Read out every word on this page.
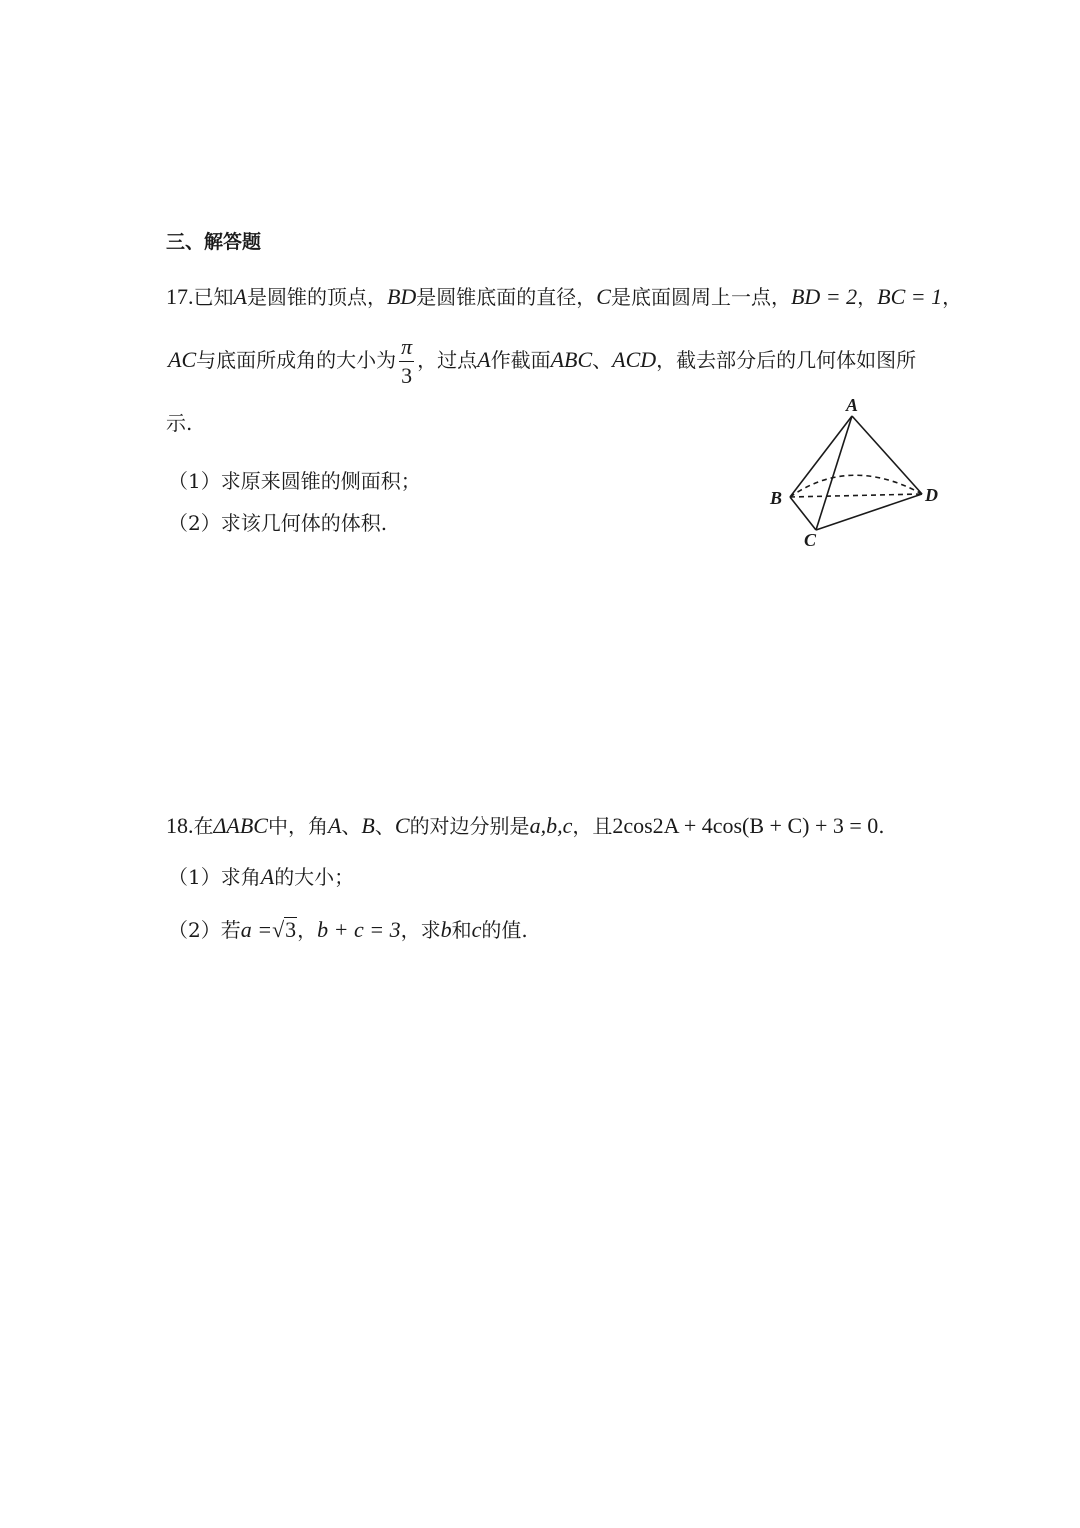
三、解答题
17.已知A是圆锥的顶点，BD是圆锥底面的直径，C是底面圆周上一点，BD = 2，BC = 1，
AC与底面所成角的大小为 $\frac{\pi}{3}$ ，过点A作截面ABC、ACD，截去部分后的几何体如图所
示.
（1）求原来圆锥的侧面积；
（2）求该几何体的体积.
A
B
C
D
18.在ΔABC中，角A、B、C的对边分别是a,b,c，且2cos2A + 4cos(B + C) + 3 = 0.
（1）求角A的大小；
（2）若a =√3，b + c = 3，求b和c的值.
